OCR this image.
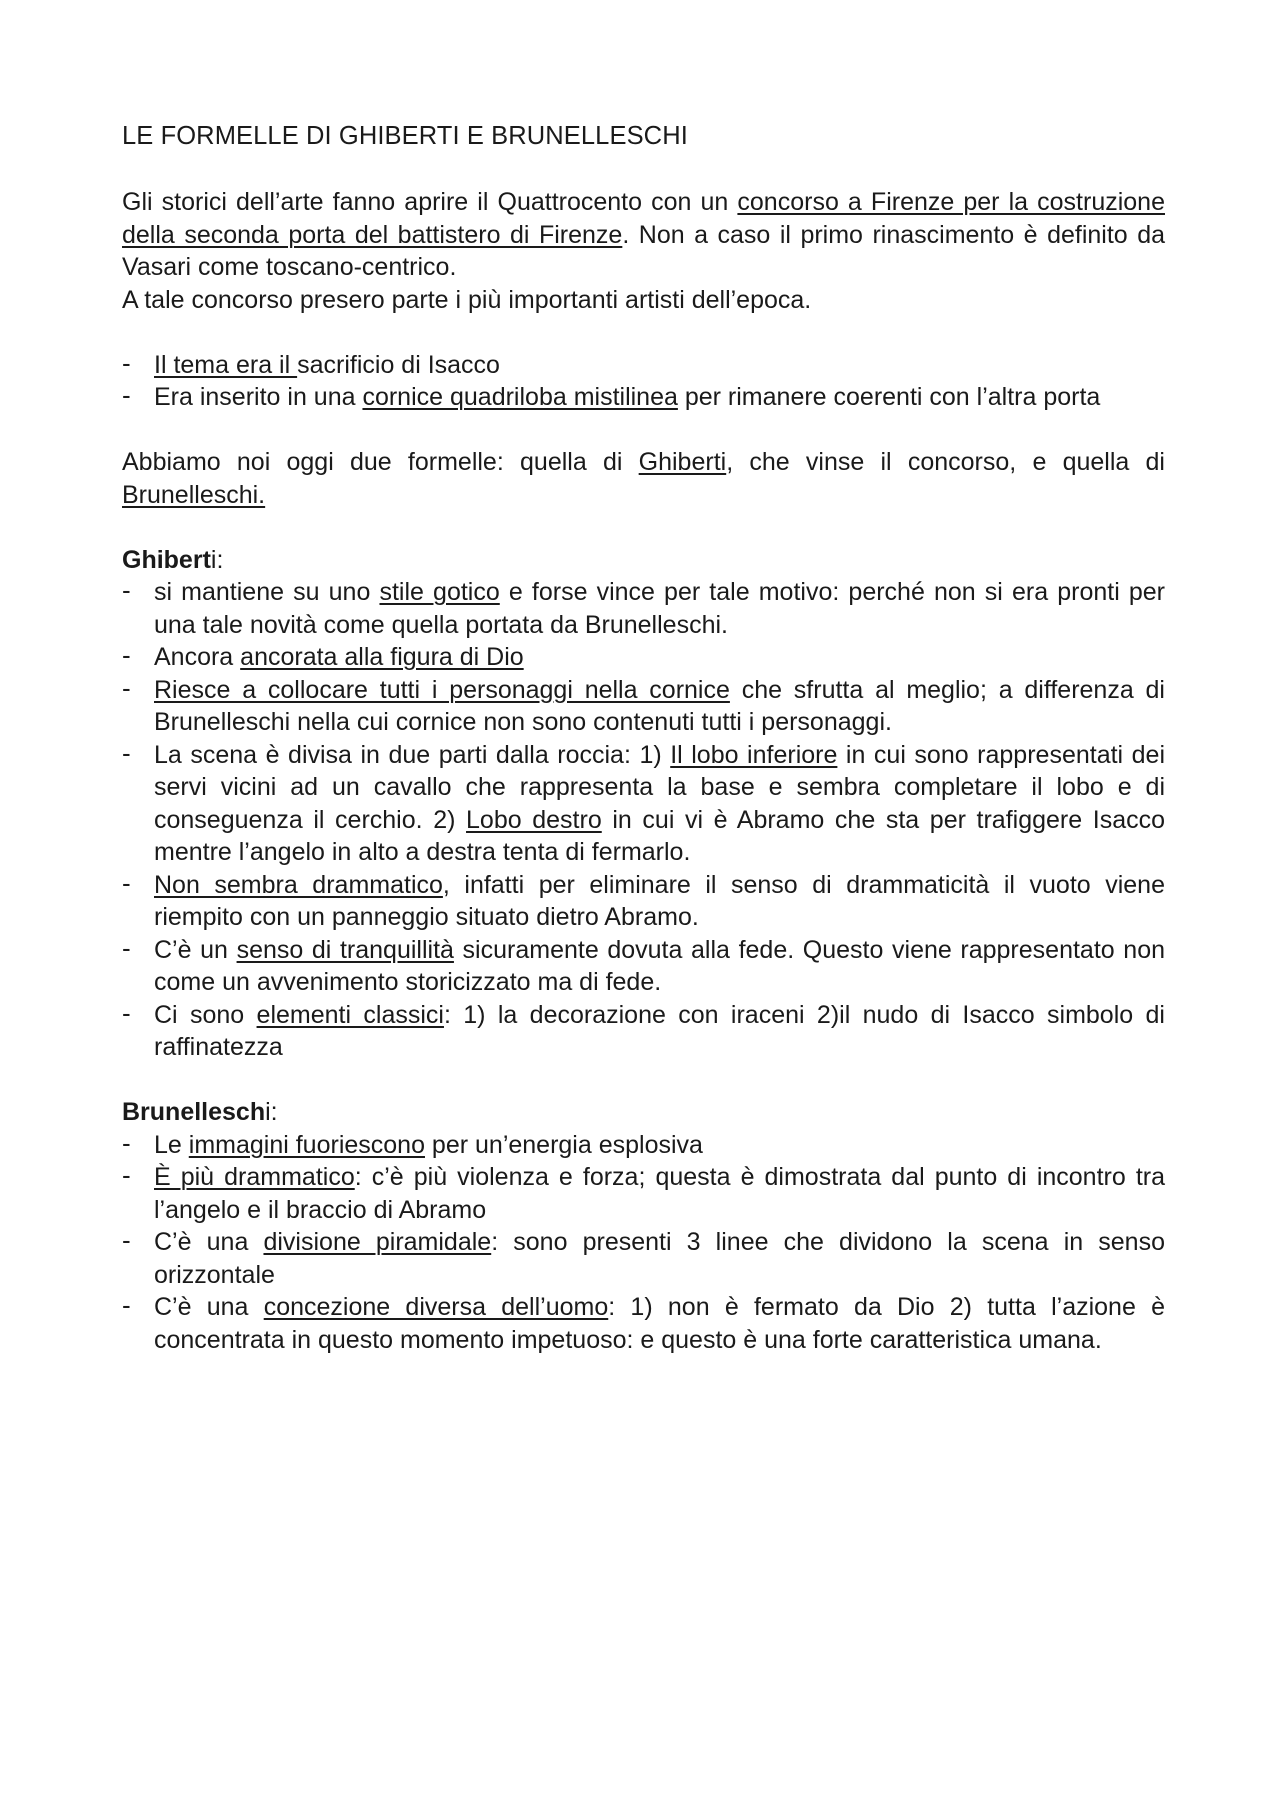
LE FORMELLE DI GHIBERTI E BRUNELLESCHI

Gli storici dell’arte fanno aprire il Quattrocento con un concorso a Firenze per la costruzione della seconda porta del battistero di Firenze. Non a caso il primo rinascimento è definito da Vasari come toscano-centrico.

A tale concorso presero parte i più importanti artisti dell’epoca.

- Il tema era il sacrificio di Isacco
- Era inserito in una cornice quadriloba mistilinea per rimanere coerenti con l’altra porta

Abbiamo noi oggi due formelle: quella di Ghiberti, che vinse il concorso, e quella di Brunelleschi.

Ghiberti:

- si mantiene su uno stile gotico e forse vince per tale motivo: perché non si era pronti per una tale novità come quella portata da Brunelleschi.
- Ancora ancorata alla figura di Dio
- Riesce a collocare tutti i personaggi nella cornice che sfrutta al meglio; a differenza di Brunelleschi nella cui cornice non sono contenuti tutti i personaggi.
- La scena è divisa in due parti dalla roccia: 1) Il lobo inferiore in cui sono rappresentati dei servi vicini ad un cavallo che rappresenta la base e sembra completare il lobo e di conseguenza il cerchio. 2) Lobo destro in cui vi è Abramo che sta per trafiggere Isacco mentre l’angelo in alto a destra tenta di fermarlo.
- Non sembra drammatico, infatti per eliminare il senso di drammaticità il vuoto viene riempito con un panneggio situato dietro Abramo.
- C’è un senso di tranquillità sicuramente dovuta alla fede. Questo viene rappresentato non come un avvenimento storicizzato ma di fede.
- Ci sono elementi classici: 1) la decorazione con iraceni 2)il nudo di Isacco simbolo di raffinatezza

Brunelleschi:

- Le immagini fuoriescono per un’energia esplosiva
- È più drammatico: c’è più violenza e forza; questa è dimostrata dal punto di incontro tra l’angelo e il braccio di Abramo
- C’è una divisione piramidale: sono presenti 3 linee che dividono la scena in senso orizzontale
- C’è una concezione diversa dell’uomo: 1) non è fermato da Dio 2) tutta l’azione è concentrata in questo momento impetuoso: e questo è una forte caratteristica umana.
